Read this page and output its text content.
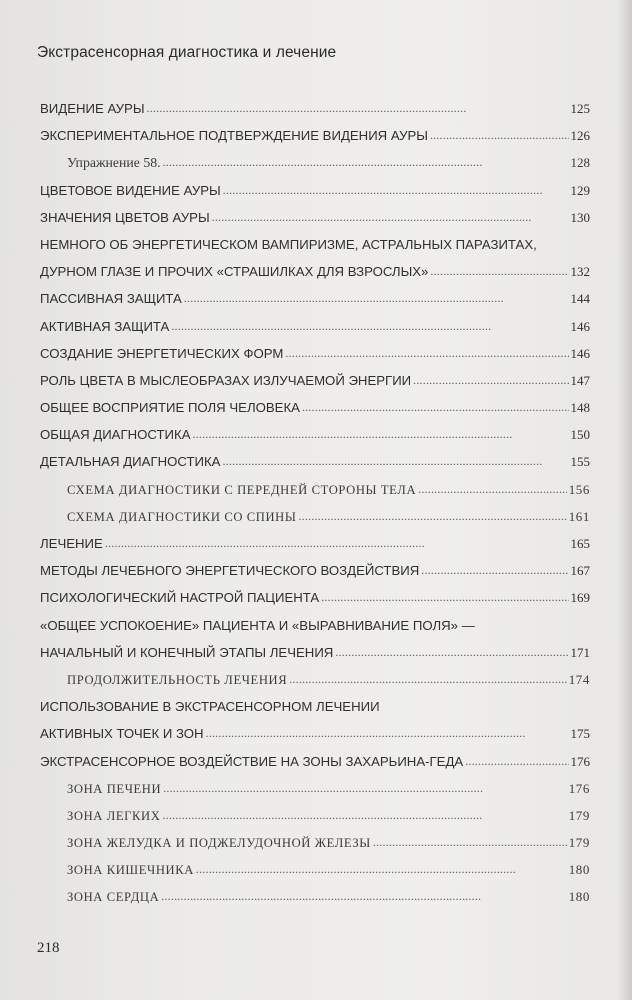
Экстрасенсорная диагностика и лечение
ВИДЕНИЕ АУРЫ . . .	125
ЭКСПЕРИМЕНТАЛЬНОЕ ПОДТВЕРЖДЕНИЕ ВИДЕНИЯ АУРЫ . . .	126
Упражнение 58. . . .	128
ЦВЕТОВОЕ ВИДЕНИЕ АУРЫ . . .	129
ЗНАЧЕНИЯ ЦВЕТОВ АУРЫ . . .	130
НЕМНОГО ОБ ЭНЕРГЕТИЧЕСКОМ ВАМПИРИЗМЕ, АСТРАЛЬНЫХ ПАРАЗИТАХ,
ДУРНОМ ГЛАЗЕ И ПРОЧИХ «СТРАШИЛКАХ ДЛЯ ВЗРОСЛЫХ» . . .	132
ПАССИВНАЯ ЗАЩИТА . . .	144
АКТИВНАЯ ЗАЩИТА . . .	146
СОЗДАНИЕ ЭНЕРГЕТИЧЕСКИХ ФОРМ . . .	146
РОЛЬ ЦВЕТА В МЫСЛЕОБРАЗАХ ИЗЛУЧАЕМОЙ ЭНЕРГИИ . . .	147
ОБЩЕЕ ВОСПРИЯТИЕ ПОЛЯ ЧЕЛОВЕКА . . .	148
ОБЩАЯ ДИАГНОСТИКА . . .	150
ДЕТАЛЬНАЯ ДИАГНОСТИКА . . .	155
СХЕМА ДИАГНОСТИКИ С ПЕРЕДНЕЙ СТОРОНЫ ТЕЛА . . .	156
СХЕМА ДИАГНОСТИКИ СО СПИНЫ . . .	161
ЛЕЧЕНИЕ . . .	165
МЕТОДЫ ЛЕЧЕБНОГО ЭНЕРГЕТИЧЕСКОГО ВОЗДЕЙСТВИЯ . . .	167
ПСИХОЛОГИЧЕСКИЙ НАСТРОЙ ПАЦИЕНТА . . .	169
«ОБЩЕЕ УСПОКОЕНИЕ» ПАЦИЕНТА И «ВЫРАВНИВАНИЕ ПОЛЯ» —
НАЧАЛЬНЫЙ И КОНЕЧНЫЙ ЭТАПЫ ЛЕЧЕНИЯ . . .	171
ПРОДОЛЖИТЕЛЬНОСТЬ ЛЕЧЕНИЯ . . .	174
ИСПОЛЬЗОВАНИЕ В ЭКСТРАСЕНСОРНОМ ЛЕЧЕНИИ
АКТИВНЫХ ТОЧЕК И ЗОН . . .	175
ЭКСТРАСЕНСОРНОЕ ВОЗДЕЙСТВИЕ НА ЗОНЫ ЗАХАРЬИНА-ГЕДА . . .	176
ЗОНА ПЕЧЕНИ . . .	176
ЗОНА ЛЕГКИХ . . .	179
ЗОНА ЖЕЛУДКА И ПОДЖЕЛУДОЧНОЙ ЖЕЛЕЗЫ . . .	179
ЗОНА КИШЕЧНИКА . . .	180
ЗОНА СЕРДЦА . . .	180
218
